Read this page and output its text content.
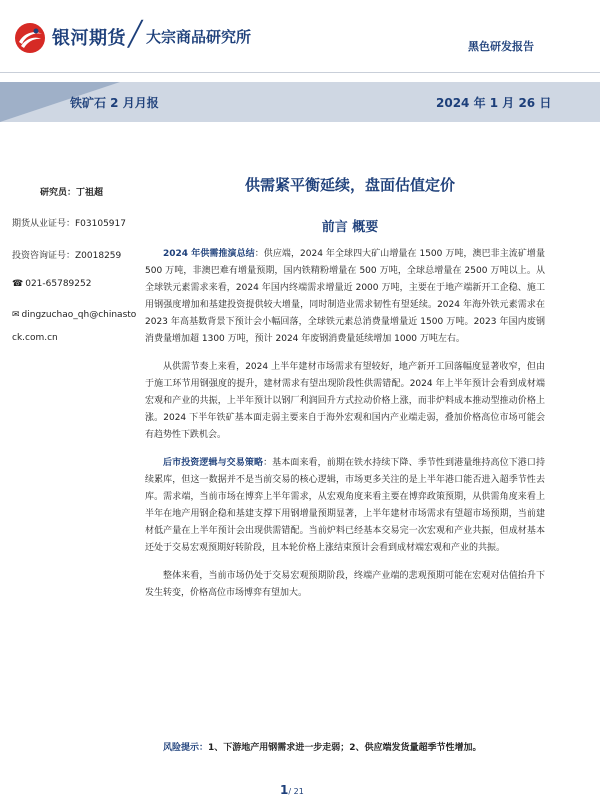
银河期货 ╱ 大宗商品研究所
黑色研发报告
铁矿石 2 月月报	2024 年 1 月 26 日
研究员：丁祖超
期货从业证号：F03105917
投资咨询证号：Z0018259
☎ 021-65789252
✉ dingzuchao_qh@chinasto
ck.com.cn
供需紧平衡延续，盘面估值定价
前言 概要

2024 年供需推演总结：供应端，2024 年全球四大矿山增量在 1500 万吨，澳巴非主流矿增量 500 万吨，非澳巴难有增量预期，国内铁精粉增量在 500 万吨，全球总增量在 2500 万吨以上。从全球铁元素需求来看，2024 年国内终端需求增量近 2000 万吨，主要在于地产端新开工企稳、施工用钢强度增加和基建投资提供较大增量，同时制造业需求韧性有望延续。2024 年海外铁元素需求在 2023 年高基数背景下预计会小幅回落，全球铁元素总消费量增量近 1500 万吨。2023 年国内废钢消费量增加超 1300 万吨，预计 2024 年废钢消费量延续增加 1000 万吨左右。

从供需节奏上来看，2024 上半年建材市场需求有望较好，地产新开工回落幅度显著收窄，但由于施工环节用钢强度的提升，建材需求有望出现阶段性供需错配。2024 年上半年预计会看到成材端宏观和产业的共振，上半年预计以钢厂利润回升方式拉动价格上涨，而非炉料成本推动型推动价格上涨。2024 下半年铁矿基本面走弱主要来自于海外宏观和国内产业端走弱，叠加价格高位市场可能会有趋势性下跌机会。

后市投资逻辑与交易策略：基本面来看，前期在铁水持续下降、季节性到港量维持高位下港口持续累库，但这一数据并不是当前交易的核心逻辑，市场更多关注的是上半年港口能否进入超季节性去库。需求端，当前市场在博弈上半年需求，从宏观角度来看主要在博弈政策预期，从供需角度来看上半年在地产用钢企稳和基建支撑下用钢增量预期显著，上半年建材市场需求有望超市场预期，当前建材低产量在上半年预计会出现供需错配。当前炉料已经基本交易完一次宏观和产业共振，但成材基本还处于交易宏观预期好转阶段，且本轮价格上涨结束预计会看到成材端宏观和产业的共振。

整体来看，当前市场仍处于交易宏观预期阶段，终端产业端的悲观预期可能在宏观对估值抬升下发生转变，价格高位市场博弈有望加大。

风险提示：1、下游地产用钢需求进一步走弱；2、供应端发货量超季节性增加。
1/ 21
